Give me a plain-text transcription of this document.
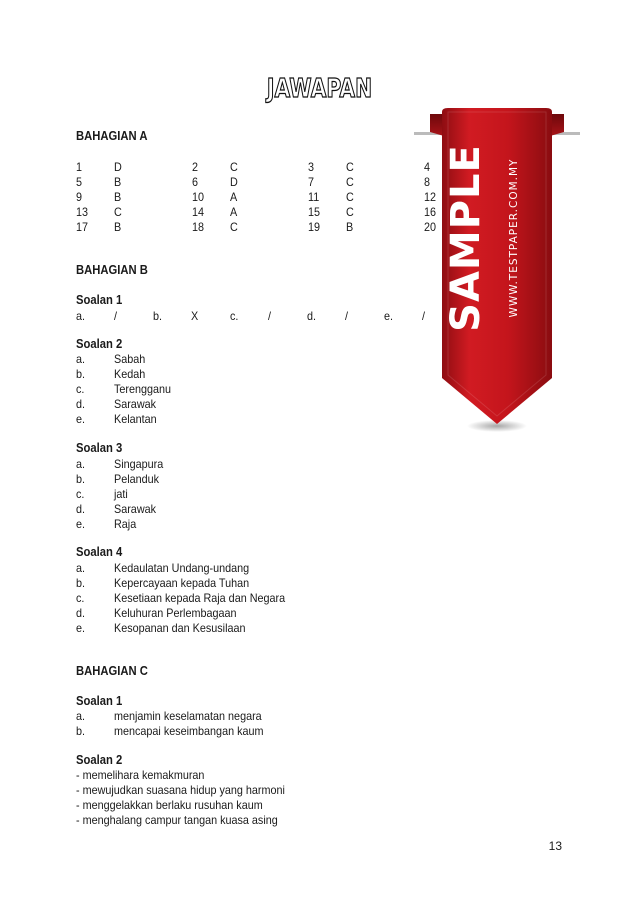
JAWAPAN
BAHAGIAN A
1	D	2	C	3	C	4
5	B	6	D	7	C	8
9	B	10 A	11 C	12
13 C	14 A	15 C	16
17 B	18 C	19 B	20
BAHAGIAN B
Soalan 1
a. /	b. X	c. /	d. /	e. /
Soalan 2
a. Sabah
b. Kedah
c. Terengganu
d. Sarawak
e. Kelantan
Soalan 3
a. Singapura
b. Pelanduk
c. jati
d. Sarawak
e. Raja
Soalan 4
a. Kedaulatan Undang-undang
b. Kepercayaan kepada Tuhan
c. Kesetiaan kepada Raja dan Negara
d. Keluhuran Perlembagaan
e. Kesopanan dan Kesusilaan
BAHAGIAN C
Soalan 1
a. menjamin keselamatan negara
b. mencapai keseimbangan kaum
Soalan 2
- memelihara kemakmuran
- mewujudkan suasana hidup yang harmoni
- menggelakkan berlaku rusuhan kaum
- menghalang campur tangan kuasa asing
13
SAMPLE WWW.TESTPAPER.COM.MY
